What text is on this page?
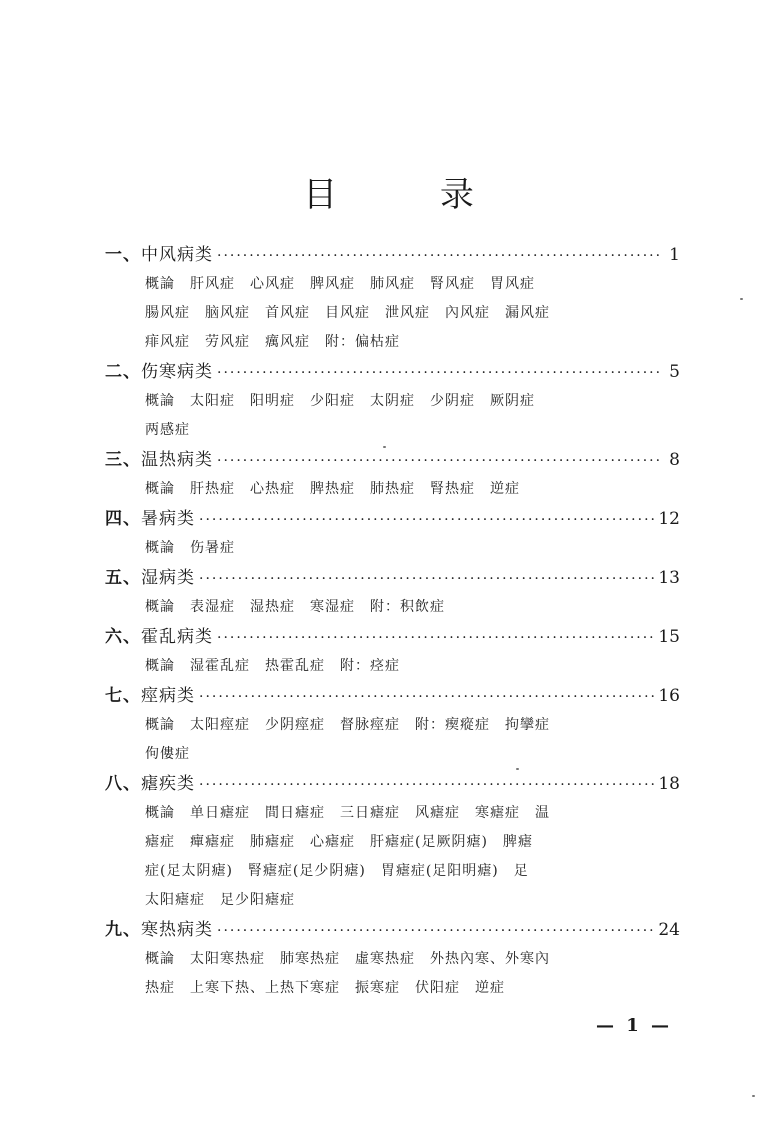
目 录
一、 中风病类 ·····	1
概論　肝风症　心风症　脾风症　肺风症　腎风症　胃风症
腸风症　脑风症　首风症　目风症　泄风症　內风症　漏风症
痱风症　劳风症　癘风症　附：偏枯症
二、 伤寒病类 ·····	5
概論　太阳症　阳明症　少阳症　太阴症　少阴症　厥阴症
两感症
三、 温热病类 ·····	8
概論　肝热症　心热症　脾热症　肺热症　腎热症　逆症
四、 暑病类 ·····	12
概論　伤暑症
五、 湿病类 ·····	13
概論　表湿症　湿热症　寒湿症　附：积飲症
六、 霍乱病类 ·····	15
概論　湿霍乱症　热霍乱症　附：痉症
七、 痙病类 ·····	16
概論　太阳痙症　少阴痙症　督脉痙症　附：瘈瘲症　拘攣症
佝僂症
八、 瘧疾类 ·····	18
概論　单日瘧症　間日瘧症　三日瘧症　风瘧症　寒瘧症　温
瘧症　癉瘧症　肺瘧症　心瘧症　肝瘧症(足厥阴瘧)　脾瘧
症(足太阴瘧)　腎瘧症(足少阴瘧)　胃瘧症(足阳明瘧)　足
太阳瘧症　足少阳瘧症
九、 寒热病类 ·····	24
概論　太阳寒热症　肺寒热症　虛寒热症　外热內寒、外寒內
热症　上寒下热、上热下寒症　振寒症　伏阳症　逆症
— 1 —
